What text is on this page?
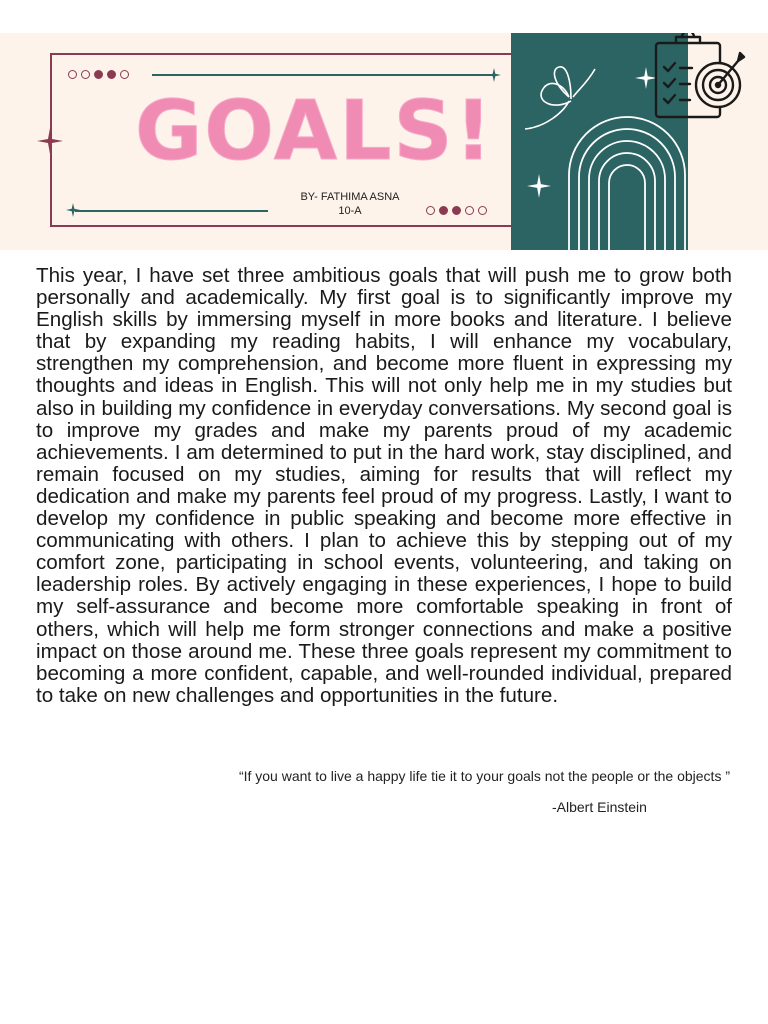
GOALS!
BY- FATHIMA ASNA
10-A

This year, I have set three ambitious goals that will push me to grow both personally and academically. My first goal is to significantly improve my English skills by immersing myself in more books and literature. I believe that by expanding my reading habits, I will enhance my vocabulary, strengthen my comprehension, and become more fluent in expressing my thoughts and ideas in English. This will not only help me in my studies but also in building my confidence in everyday conversations. My second goal is to improve my grades and make my parents proud of my academic achievements. I am determined to put in the hard work, stay disciplined, and remain focused on my studies, aiming for results that will reflect my dedication and make my parents feel proud of my progress. Lastly, I want to develop my confidence in public speaking and become more effective in communicating with others. I plan to achieve this by stepping out of my comfort zone, participating in school events, volunteering, and taking on leadership roles. By actively engaging in these experiences, I hope to build my self-assurance and become more comfortable speaking in front of others, which will help me form stronger connections and make a positive impact on those around me. These three goals represent my commitment to becoming a more confident, capable, and well-rounded individual, prepared to take on new challenges and opportunities in the future.

“If you want to live a happy life tie it to your goals not the people or the objects ”
-Albert Einstein
